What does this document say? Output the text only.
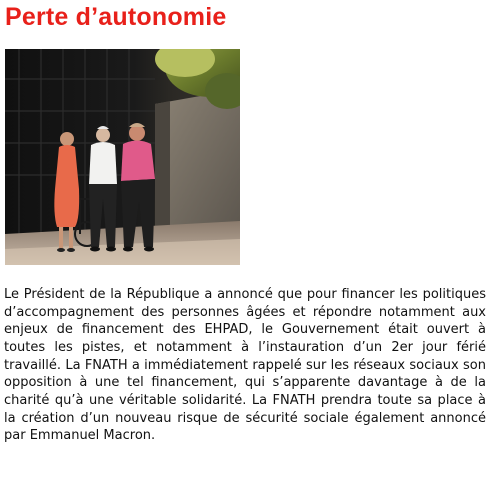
Perte d’autonomie

Le Président de la République a annoncé que pour financer les politiques d’accompagnement des personnes âgées et répondre notamment aux enjeux de financement des EHPAD, le Gouvernement était ouvert à toutes les pistes, et notamment à l’instauration d’un 2er jour férié travaillé. La FNATH a immédiatement rappelé sur les réseaux sociaux son opposition à une tel financement, qui s’apparente davantage à de la charité qu’à une véritable solidarité. La FNATH prendra toute sa place à la création d’un nouveau risque de sécurité sociale également annoncé par Emmanuel Macron.
